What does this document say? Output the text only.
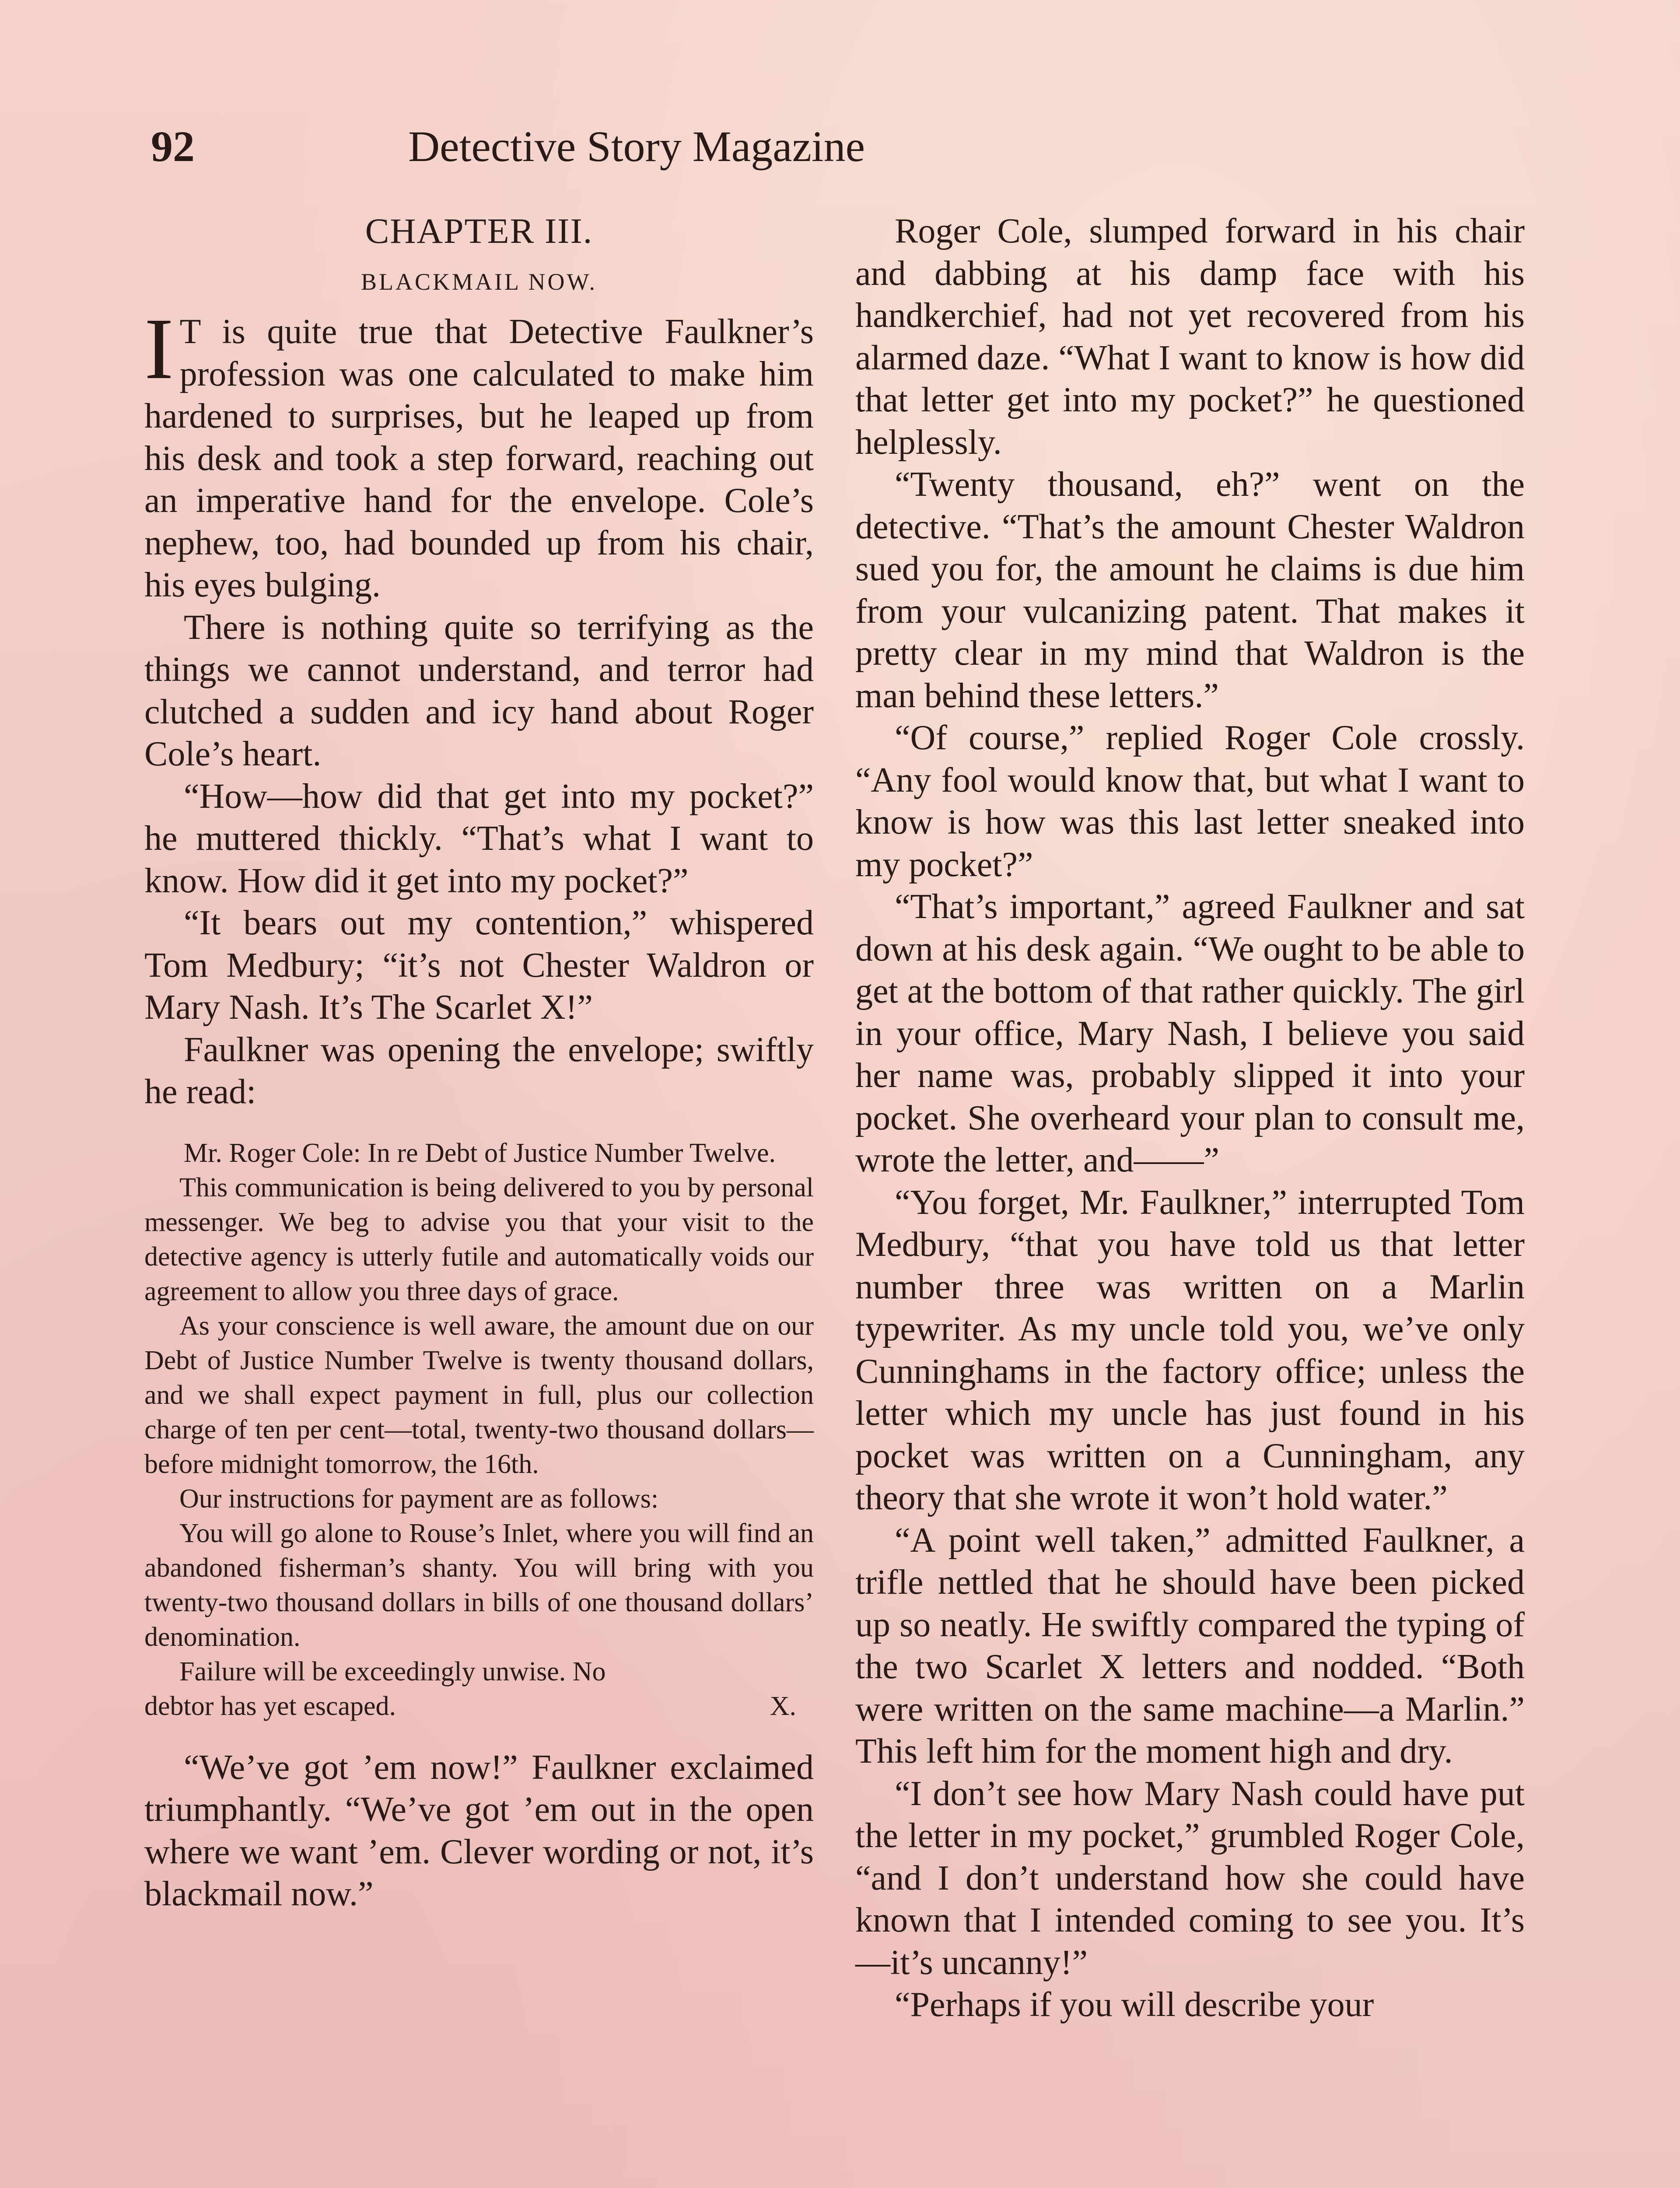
92	Detective Story Magazine
CHAPTER III.
BLACKMAIL NOW.

I T is quite true that Detective Faulkner’s profession was one calculated to make him hardened to surprises, but he leaped up from his desk and took a step forward, reaching out an imperative hand for the envelope. Cole’s nephew, too, had bounded up from his chair, his eyes bulging.

There is nothing quite so terrifying as the things we cannot understand, and terror had clutched a sudden and icy hand about Roger Cole’s heart.

“How—how did that get into my pocket?” he muttered thickly. “That’s what I want to know. How did it get into my pocket?”

“It bears out my contention,” whispered Tom Medbury; “it’s not Chester Waldron or Mary Nash. It’s The Scarlet X!”

Faulkner was opening the envelope; swiftly he read:

Mr. Roger Cole: In re Debt of Justice Number Twelve.
This communication is being delivered to you by personal messenger. We beg to advise you that your visit to the detective agency is utterly futile and automatically voids our agreement to allow you three days of grace.
As your conscience is well aware, the amount due on our Debt of Justice Number Twelve is twenty thousand dollars, and we shall expect payment in full, plus our collection charge of ten per cent—total, twenty-two thousand dollars—before midnight tomorrow, the 16th.
Our instructions for payment are as follows:
You will go alone to Rouse’s Inlet, where you will find an abandoned fisherman’s shanty. You will bring with you twenty-two thousand dollars in bills of one thousand dollars’ denomination.
Failure will be exceedingly unwise. No
debtor has yet escaped.	X.

“We’ve got ’em now!” Faulkner exclaimed triumphantly. “We’ve got ’em out in the open where we want ’em. Clever wording or not, it’s blackmail now.”

Roger Cole, slumped forward in his chair and dabbing at his damp face with his handkerchief, had not yet recovered from his alarmed daze. “What I want to know is how did that letter get into my pocket?” he questioned helplessly.

“Twenty thousand, eh?” went on the detective. “That’s the amount Chester Waldron sued you for, the amount he claims is due him from your vulcanizing patent. That makes it pretty clear in my mind that Waldron is the man behind these letters.”

“Of course,” replied Roger Cole crossly. “Any fool would know that, but what I want to know is how was this last letter sneaked into my pocket?”

“That’s important,” agreed Faulkner and sat down at his desk again. “We ought to be able to get at the bottom of that rather quickly. The girl in your office, Mary Nash, I believe you said her name was, probably slipped it into your pocket. She overheard your plan to consult me, wrote the letter, and——”

“You forget, Mr. Faulkner,” interrupted Tom Medbury, “that you have told us that letter number three was written on a Marlin typewriter. As my uncle told you, we’ve only Cunninghams in the factory office; unless the letter which my uncle has just found in his pocket was written on a Cunningham, any theory that she wrote it won’t hold water.”

“A point well taken,” admitted Faulkner, a trifle nettled that he should have been picked up so neatly. He swiftly compared the typing of the two Scarlet X letters and nodded. “Both were written on the same machine—a Marlin.” This left him for the moment high and dry.

“I don’t see how Mary Nash could have put the letter in my pocket,” grumbled Roger Cole, “and I don’t understand how she could have known that I intended coming to see you. It’s —it’s uncanny!”

“Perhaps if you will describe your
